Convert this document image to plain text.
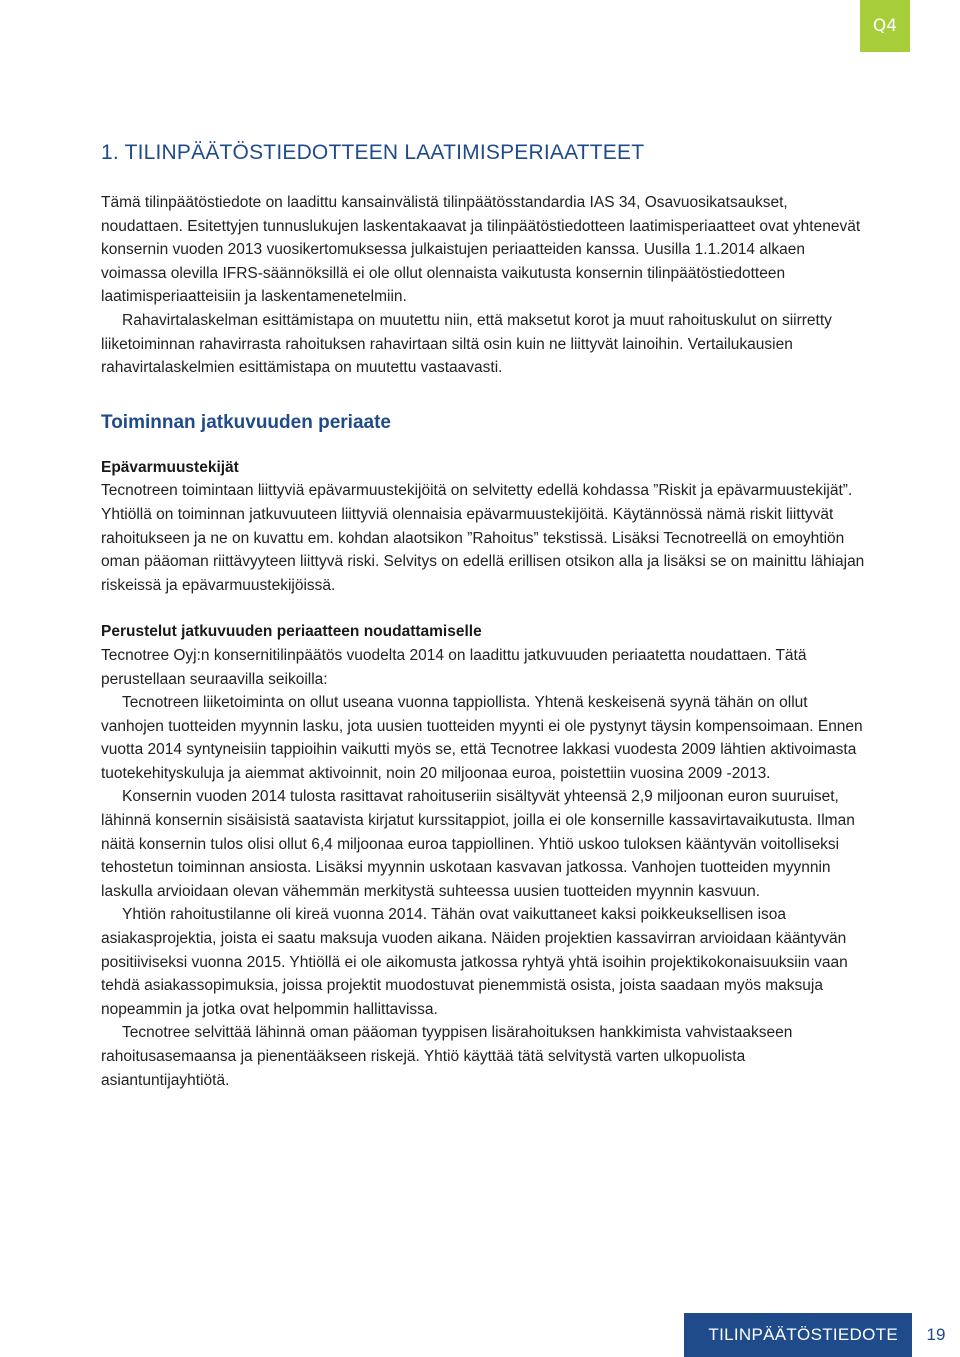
Q4
1. TILINPÄÄTÖSTIEDOTTEEN LAATIMISPERIAATTEET

Tämä tilinpäätöstiedote on laadittu kansainvälistä tilinpäätösstandardia IAS 34, Osavuosikatsaukset, noudattaen. Esitettyjen tunnuslukujen laskentakaavat ja tilinpäätöstiedotteen laatimisperiaatteet ovat yhtenevät konsernin vuoden 2013 vuosikertomuksessa julkaistujen periaatteiden kanssa. Uusilla 1.1.2014 alkaen voimassa olevilla IFRS-säännöksillä ei ole ollut olennaista vaikutusta konsernin tilinpäätöstiedotteen laatimisperiaatteisiin ja laskentamenetelmiin.

Rahavirtalaskelman esittämistapa on muutettu niin, että maksetut korot ja muut rahoituskulut on siirretty liiketoiminnan rahavirrasta rahoituksen rahavirtaan siltä osin kuin ne liittyvät lainoihin. Vertailukausien rahavirtalaskelmien esittämistapa on muutettu vastaavasti.

Toiminnan jatkuvuuden periaate
Epävarmuustekijät

Tecnotreen toimintaan liittyviä epävarmuustekijöitä on selvitetty edellä kohdassa ”Riskit ja epävarmuustekijät”. Yhtiöllä on toiminnan jatkuvuuteen liittyviä olennaisia epävarmuustekijöitä. Käytännössä nämä riskit liittyvät rahoitukseen ja ne on kuvattu em. kohdan alaotsikon ”Rahoitus” tekstissä. Lisäksi Tecnotreellä on emoyhtiön oman pääoman riittävyyteen liittyvä riski. Selvitys on edellä erillisen otsikon alla ja lisäksi se on mainittu lähiajan riskeissä ja epävarmuustekijöissä.

Perustelut jatkuvuuden periaatteen noudattamiselle

Tecnotree Oyj:n konsernitilinpäätös vuodelta 2014 on laadittu jatkuvuuden periaatetta noudattaen. Tätä perustellaan seuraavilla seikoilla:

Tecnotreen liiketoiminta on ollut useana vuonna tappiollista. Yhtenä keskeisenä syynä tähän on ollut vanhojen tuotteiden myynnin lasku, jota uusien tuotteiden myynti ei ole pystynyt täysin kompensoimaan. Ennen vuotta 2014 syntyneisiin tappioihin vaikutti myös se, että Tecnotree lakkasi vuodesta 2009 lähtien aktivoimasta tuotekehityskuluja ja aiemmat aktivoinnit, noin 20 miljoonaa euroa, poistettiin vuosina 2009 -2013.

Konsernin vuoden 2014 tulosta rasittavat rahoituseriin sisältyvät yhteensä 2,9 miljoonan euron suuruiset, lähinnä konsernin sisäisistä saatavista kirjatut kurssitappiot, joilla ei ole konsernille kassavirtavaikutusta. Ilman näitä konsernin tulos olisi ollut 6,4 miljoonaa euroa tappiollinen. Yhtiö uskoo tuloksen kääntyvän voitolliseksi tehostetun toiminnan ansiosta. Lisäksi myynnin uskotaan kasvavan jatkossa. Vanhojen tuotteiden myynnin laskulla arvioidaan olevan vähemmän merkitystä suhteessa uusien tuotteiden myynnin kasvuun.

Yhtiön rahoitustilanne oli kireä vuonna 2014. Tähän ovat vaikuttaneet kaksi poikkeuksellisen isoa asiakasprojektia, joista ei saatu maksuja vuoden aikana. Näiden projektien kassavirran arvioidaan kääntyvän positiiviseksi vuonna 2015. Yhtiöllä ei ole aikomusta jatkossa ryhtyä yhtä isoihin projektikokonaisuuksiin vaan tehdä asiakassopimuksia, joissa projektit muodostuvat pienemmistä osista, joista saadaan myös maksuja nopeammin ja jotka ovat helpommin hallittavissa.

Tecnotree selvittää lähinnä oman pääoman tyyppisen lisärahoituksen hankkimista vahvistaakseen rahoitusasemaansa ja pienentääkseen riskejä. Yhtiö käyttää tätä selvitystä varten ulkopuolista asiantuntijayhtiötä.

TILINPÄÄTÖSTIEDOTE	19
